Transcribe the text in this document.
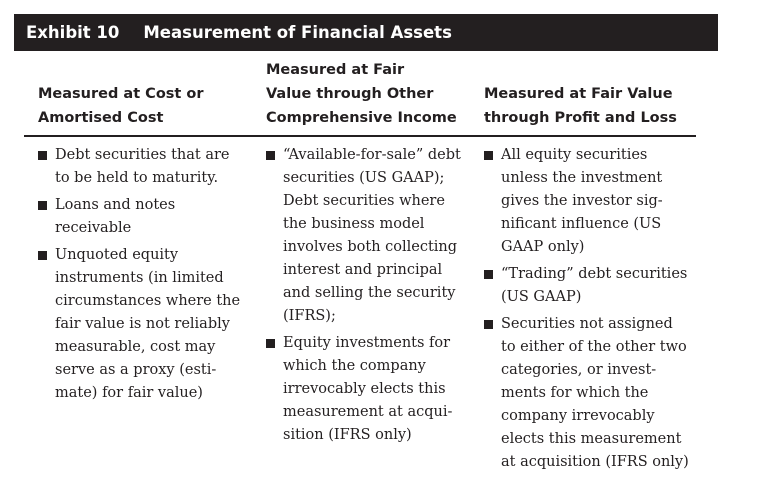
Exhibit 10 Measurement of Financial Assets
Measured at Cost or
Amortised Cost
Measured at Fair
Value through Other
Comprehensive Income
Measured at Fair Value
through Profit and Loss
Debt securities that are
to be held to maturity.
Loans and notes
receivable
Unquoted equity
instruments (in limited
circumstances where the
fair value is not reliably
measurable, cost may
serve as a proxy (esti-
mate) for fair value)
“Available-for-sale” debt
securities (US GAAP);
Debt securities where
the business model
involves both collecting
interest and principal
and selling the security
(IFRS);
Equity investments for
which the company
irrevocably elects this
measurement at acqui-
sition (IFRS only)
All equity securities
unless the investment
gives the investor sig-
nificant influence (US
GAAP only)
“Trading” debt securities
(US GAAP)
Securities not assigned
to either of the other two
categories, or invest-
ments for which the
company irrevocably
elects this measurement
at acquisition (IFRS only)
